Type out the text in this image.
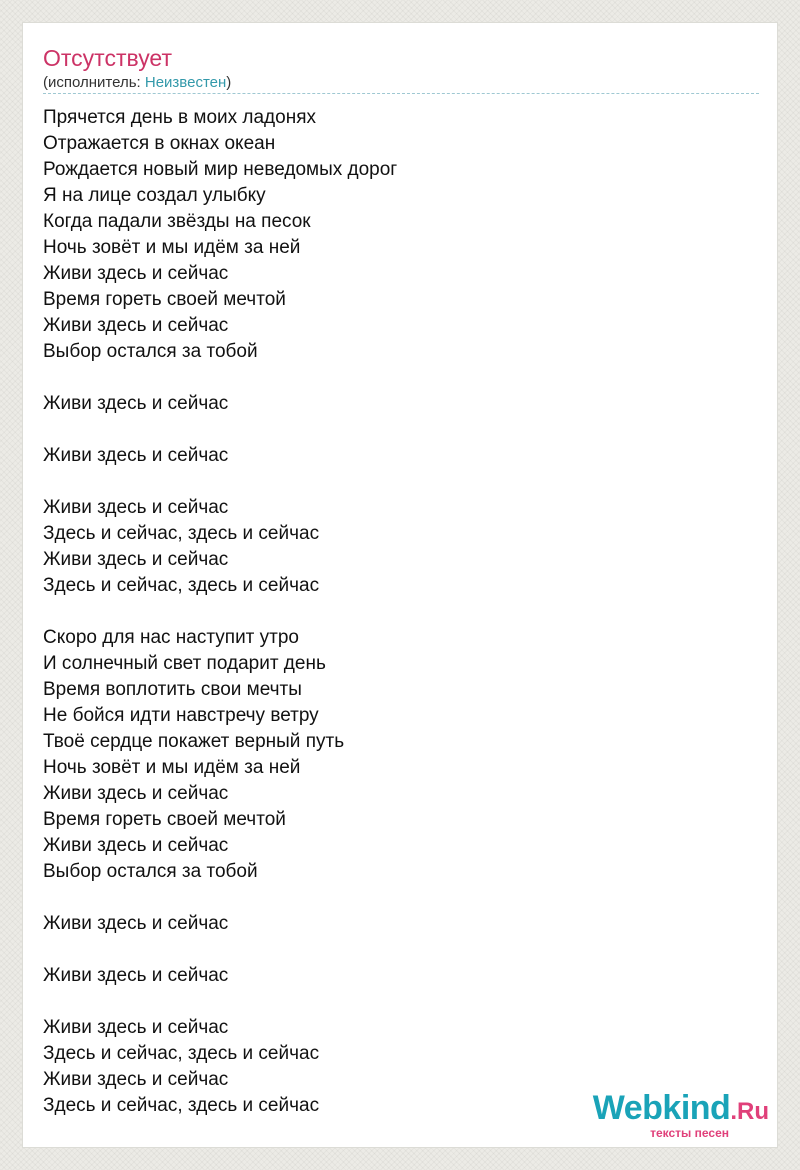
Отсутствует
(исполнитель: Неизвестен)
Прячется день в моих ладонях
Отражается в окнах океан
Рождается новый мир неведомых дорог
Я на лице создал улыбку
Когда падали звёзды на песок
Ночь зовёт и мы идём за ней
Живи здесь и сейчас
Время гореть своей мечтой
Живи здесь и сейчас
Выбор остался за тобой
Живи здесь и сейчас
Живи здесь и сейчас
Живи здесь и сейчас
Здесь и сейчас, здесь и сейчас
Живи здесь и сейчас
Здесь и сейчас, здесь и сейчас
Скоро для нас наступит утро
И солнечный свет подарит день
Время воплотить свои мечты
Не бойся идти навстречу ветру
Твоё сердце покажет верный путь
Ночь зовёт и мы идём за ней
Живи здесь и сейчас
Время гореть своей мечтой
Живи здесь и сейчас
Выбор остался за тобой
Живи здесь и сейчас
Живи здесь и сейчас
Живи здесь и сейчас
Здесь и сейчас, здесь и сейчас
Живи здесь и сейчас
Здесь и сейчас, здесь и сейчас	Webkind.Ru
тексты песен
